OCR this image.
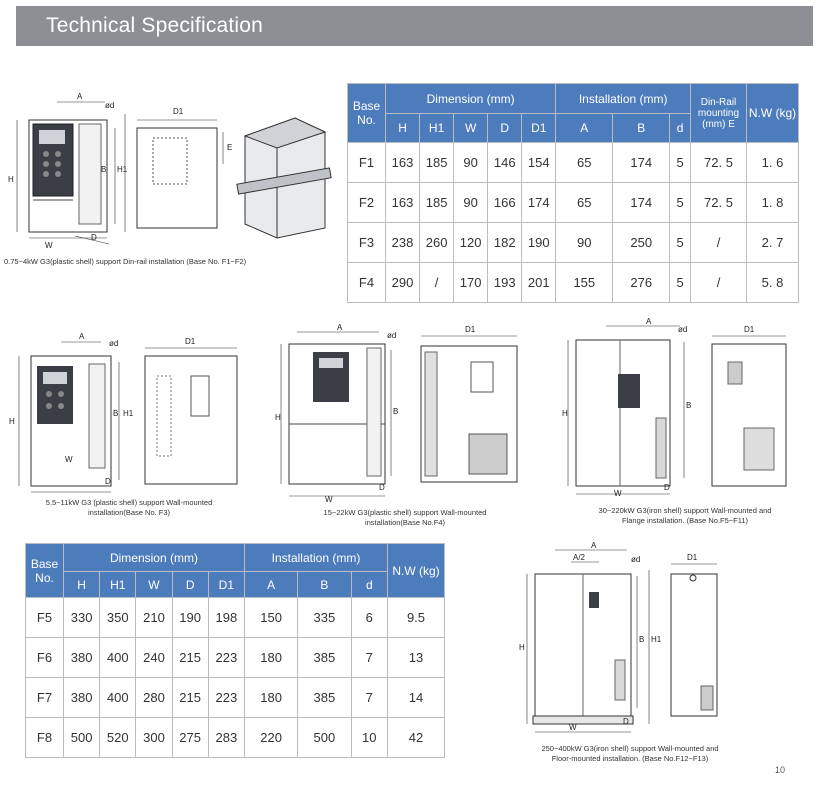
Technical Specification
Base No.	Dimension (mm)					Installation (mm)			Din-Rail mounting (mm) E	N.W (kg)
	H	H1	W	D	D1	A	B	d		
F1	163	185	90	146	154	65	174	5	72. 5	1. 6
F2	163	185	90	166	174	65	174	5	72. 5	1. 8
F3	238	260	120	182	190	90	250	5	/	2. 7
F4	290	/	170	193	201	155	276	5	/	5. 8
Base No.	Dimension (mm)					Installation (mm)			N.W (kg)
	H	H1	W	D	D1	A	B	d	
F5	330	350	210	190	198	150	335	6	9.5
F6	380	400	240	215	223	180	385	7	13
F7	380	400	280	215	223	180	385	7	14
F8	500	520	300	275	283	220	500	10	42
A
ød
H
B H1
W
D
D1
E
0.75~4kW G3(plastic shell) support Din-rail installation (Base No. F1~F2)
A
ød
H
B H1
W
D
D1
5.5~11kW G3 (plastic shell) support Wall-mounted
installation(Base No. F3)
A
ød
H
B
W
D
D1
15~22kW G3(plastic shell) support Wall-mounted
installation(Base No.F4)
A
ød
H
B
W
D
D1
30~220kW G3(iron shell) support Wall-mounted and
Flange installation. (Base No.F5~F11)
A
A/2	ød
H
B H1
W
D
D1
250~400kW G3(iron shell) support Wall-mounted and
Floor-mounted installation. (Base No.F12~F13)
10
